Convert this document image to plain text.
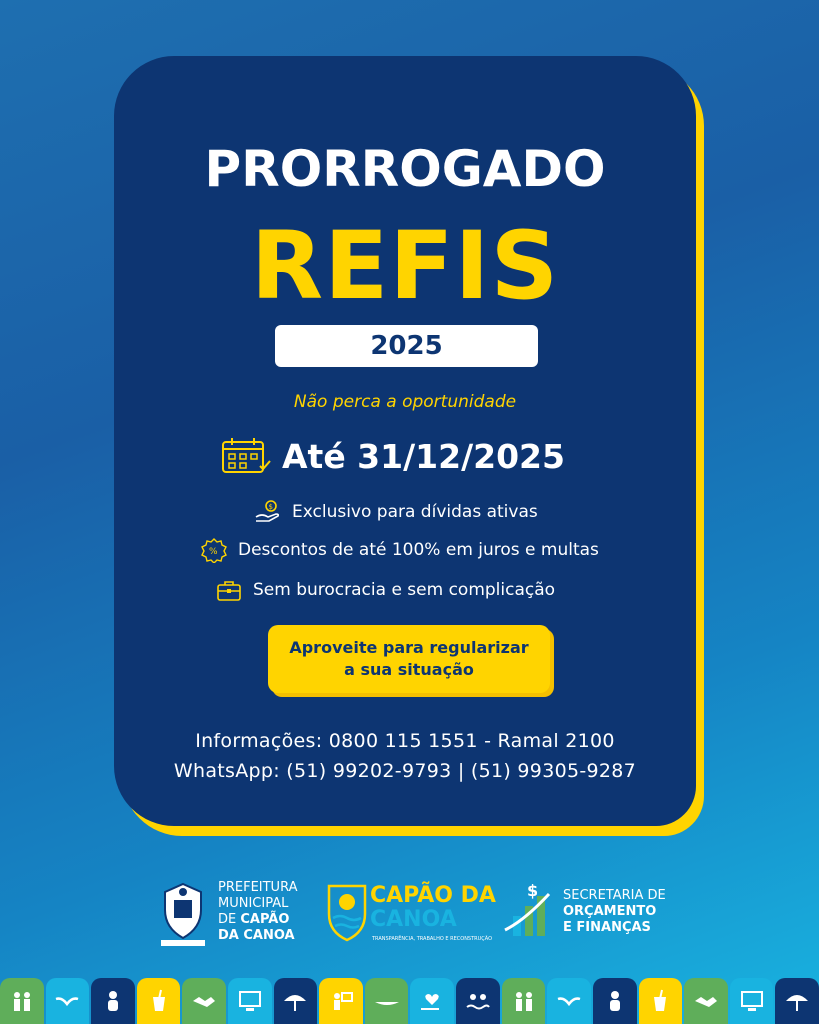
PRORROGADO
REFIS
2025
Não perca a oportunidade
Até 31/12/2025
$ Exclusivo para dívidas ativas
% Descontos de até 100% em juros e multas
Sem burocracia e sem complicação
Aproveite para regularizar
a sua situação
Informações: 0800 115 1551 - Ramal 2100
WhatsApp: (51) 99202-9793 | (51) 99305-9287
PREFEITURA
MUNICIPAL
DE CAPÃO
DA CANOA
CAPÃO DA
CANOA
TRANSPARÊNCIA, TRABALHO E RECONSTRUÇÃO
$ SECRETARIA DE
ORÇAMENTO
E FINANÇAS
